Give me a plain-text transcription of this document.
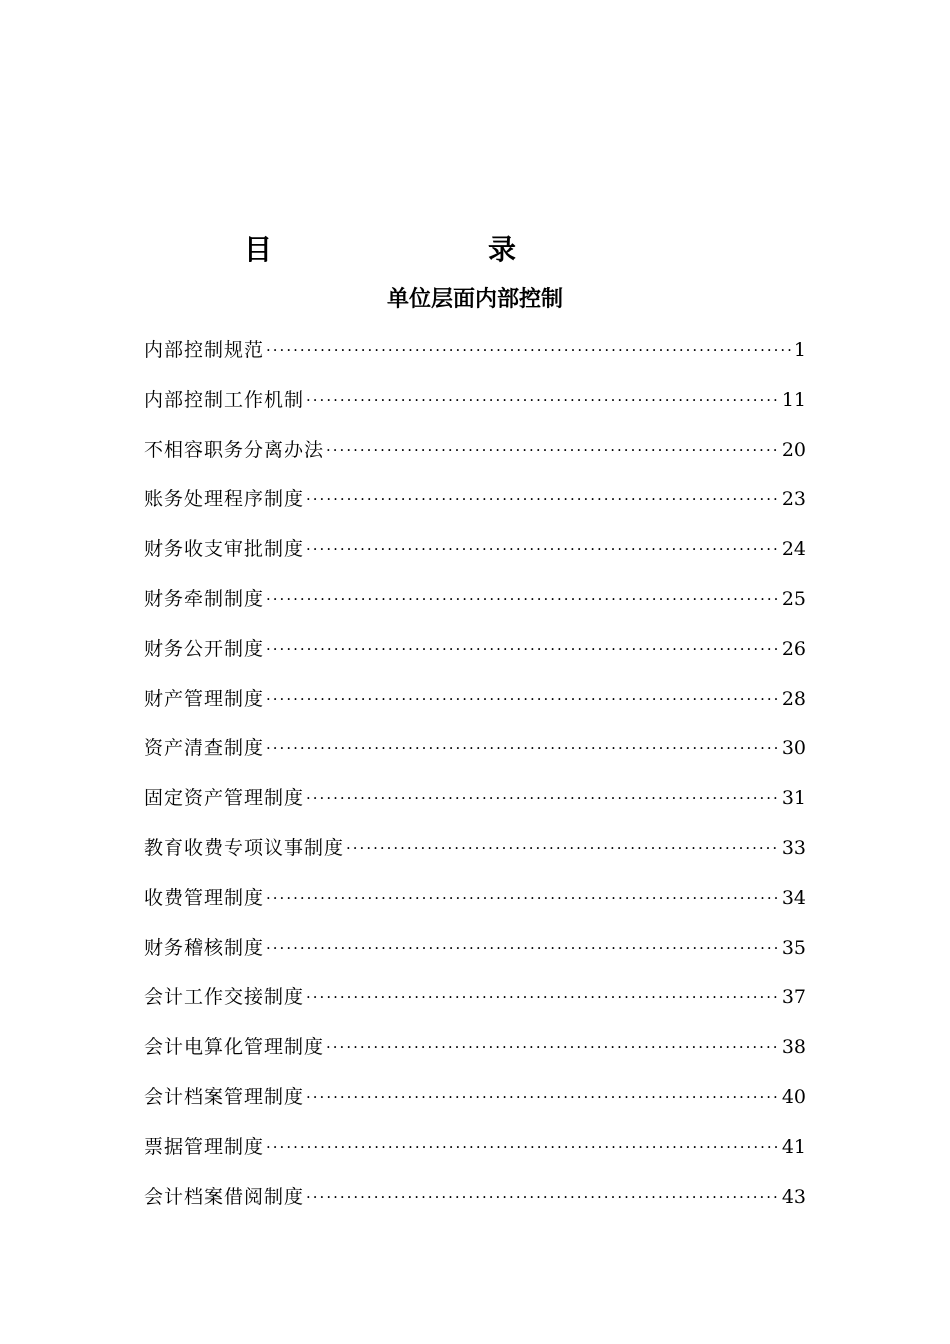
目	录
单位层面内部控制
内部控制规范 ·····	1
内部控制工作机制 ·····	11
不相容职务分离办法 ·····	20
账务处理程序制度 ·····	23
财务收支审批制度 ·····	24
财务牵制制度 ·····	25
财务公开制度 ·····	26
财产管理制度 ·····	28
资产清查制度 ·····	30
固定资产管理制度 ·····	31
教育收费专项议事制度 ·····	33
收费管理制度 ·····	34
财务稽核制度 ·····	35
会计工作交接制度 ·····	37
会计电算化管理制度 ·····	38
会计档案管理制度 ·····	40
票据管理制度 ·····	41
会计档案借阅制度 ·····	43
